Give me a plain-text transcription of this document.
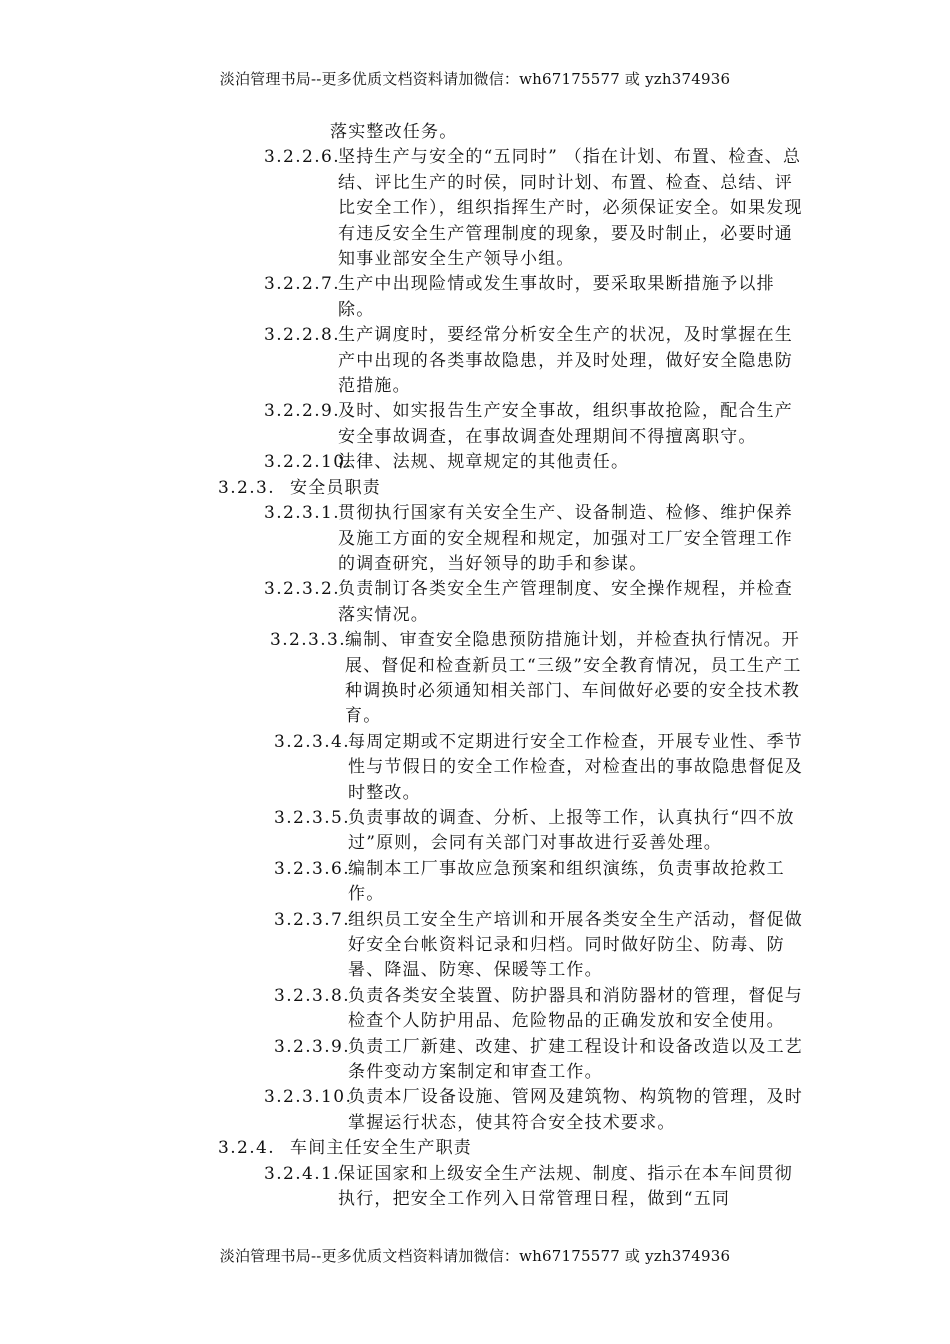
淡泊管理书局--更多优质文档资料请加微信：wh67175577 或 yzh374936
落实整改任务。
3.2.2.6.
坚持生产与安全的“五同时” （指在计划、布置、检查、总结、评比生产的时侯，同时计划、布置、检查、总结、评比安全工作），组织指挥生产时，必须保证安全。如果发现有违反安全生产管理制度的现象，要及时制止，必要时通知事业部安全生产领导小组。
3.2.2.7.
生产中出现险情或发生事故时，要采取果断措施予以排除。
3.2.2.8.
生产调度时，要经常分析安全生产的状况，及时掌握在生产中出现的各类事故隐患，并及时处理，做好安全隐患防范措施。
3.2.2.9.
及时、如实报告生产安全事故，组织事故抢险，配合生产安全事故调查，在事故调查处理期间不得擅离职守。
3.2.2.10.
法律、法规、规章规定的其他责任。
3.2.3. 安全员职责
3.2.3.1.
贯彻执行国家有关安全生产、设备制造、检修、维护保养及施工方面的安全规程和规定，加强对工厂安全管理工作的调查研究，当好领导的助手和参谋。
3.2.3.2.
负责制订各类安全生产管理制度、安全操作规程，并检查落实情况。
3.2.3.3.
编制、审查安全隐患预防措施计划，并检查执行情况。开展、督促和检查新员工“三级”安全教育情况，员工生产工种调换时必须通知相关部门、车间做好必要的安全技术教育。
3.2.3.4.
每周定期或不定期进行安全工作检查，开展专业性、季节性与节假日的安全工作检查，对检查出的事故隐患督促及时整改。
3.2.3.5.
负责事故的调查、分析、上报等工作，认真执行“四不放过”原则，会同有关部门对事故进行妥善处理。
3.2.3.6.
编制本工厂事故应急预案和组织演练，负责事故抢救工作。
3.2.3.7.
组织员工安全生产培训和开展各类安全生产活动，督促做好安全台帐资料记录和归档。同时做好防尘、防毒、防暑、降温、防寒、保暖等工作。
3.2.3.8.
负责各类安全装置、防护器具和消防器材的管理，督促与检查个人防护用品、危险物品的正确发放和安全使用。
3.2.3.9.
负责工厂新建、改建、扩建工程设计和设备改造以及工艺条件变动方案制定和审查工作。
3.2.3.10.
负责本厂设备设施、管网及建筑物、构筑物的管理，及时掌握运行状态，使其符合安全技术要求。
3.2.4. 车间主任安全生产职责
3.2.4.1.
保证国家和上级安全生产法规、制度、指示在本车间贯彻执行，把安全工作列入日常管理日程，做到“五同
淡泊管理书局--更多优质文档资料请加微信：wh67175577 或 yzh374936
